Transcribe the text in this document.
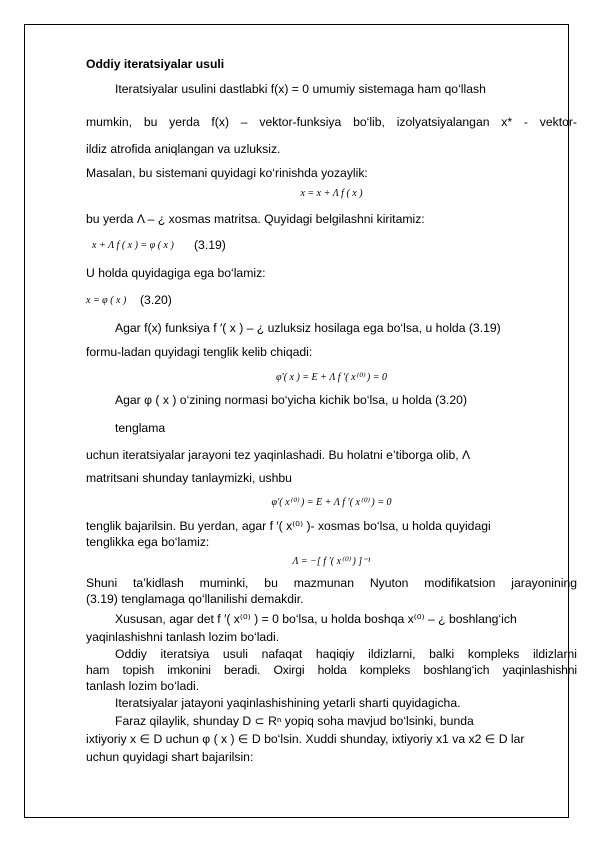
Oddiy iteratsiyalar usuli
Iteratsiyalar usulini dastlabki f(x) = 0 umumiy sistemaga ham qo‘llash
mumkin, bu yerda f(x) – vektor-funksiya bo‘lib, izolyatsiyalangan x* - vektor-
ildiz atrofida aniqlangan va uzluksiz.
Masalan, bu sistemani quyidagi ko‘rinishda yozaylik:
x = x + Λ f ( x )
bu yerda Λ – ¿ xosmas matritsa. Quyidagi belgilashni kiritamiz:
x + Λ f ( x ) = φ ( x ) (3.19)
U holda quyidagiga ega bo‘lamiz:
x = φ ( x ) (3.20)
Agar f(x) funksiya f ′( x ) – ¿ uzluksiz hosilaga ega bo‘lsa, u holda (3.19)
formu-ladan quyidagi tenglik kelib chiqadi:
φ′( x ) = E + Λ f ′( x⁽⁰⁾ ) = 0
Agar φ ( x ) o‘zining normasi bo‘yicha kichik bo‘lsa, u holda (3.20)
tenglama
uchun iteratsiyalar jarayoni tez yaqinlashadi. Bu holatni e’tiborga olib, Λ
matritsani shunday tanlaymizki, ushbu
φ′( x⁽⁰⁾ ) = E + Λ f ′( x⁽⁰⁾ ) = 0
tenglik bajarilsin. Bu yerdan, agar f ′( x⁽⁰⁾ )- xosmas bo‘lsa, u holda quyidagi
tenglikka ega bo‘lamiz:
Λ = −[ f ′( x⁽⁰⁾ ) ]⁻¹
Shuni ta’kidlash muminki, bu mazmunan Nyuton modifikatsion jarayonining
(3.19) tenglamaga qo‘llanilishi demakdir.
Xususan, agar det f ′( x⁽⁰⁾ ) = 0 bo‘lsa, u holda boshqa x⁽⁰⁾ – ¿ boshlang‘ich
yaqinlashishni tanlash lozim bo‘ladi.
Oddiy iteratsiya usuli nafaqat haqiqiy ildizlarni, balki kompleks ildizlarni
ham topish imkonini beradi. Oxirgi holda kompleks boshlang‘ich yaqinlashishni
tanlash lozim bo‘ladi.
Iteratsiyalar jatayoni yaqinlashishining yetarli sharti quyidagicha.
Faraz qilaylik, shunday D ⊂ Rⁿ yopiq soha mavjud bo‘lsinki, bunda
ixtiyoriy x ∈ D uchun φ ( x ) ∈ D bo‘lsin. Xuddi shunday, ixtiyoriy x1 va x2 ∈ D lar
uchun quyidagi shart bajarilsin:
